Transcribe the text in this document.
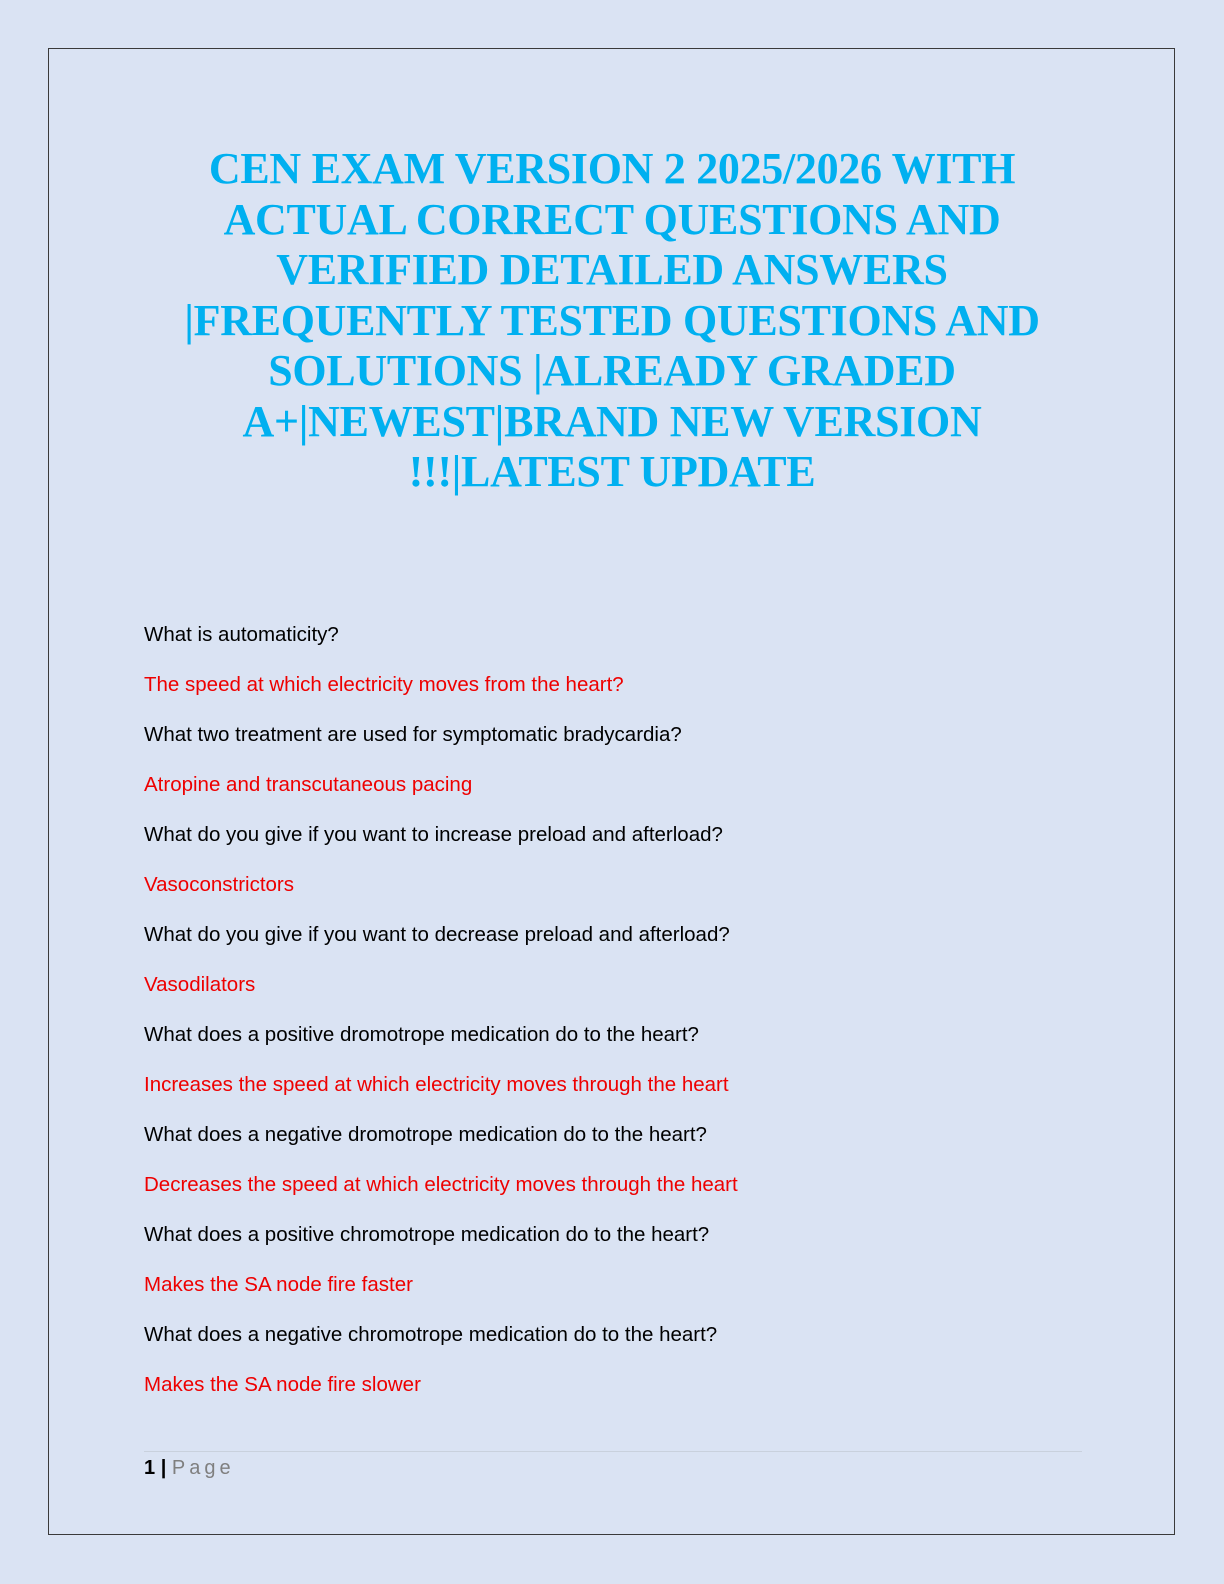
CEN EXAM VERSION 2 2025/2026 WITH
ACTUAL CORRECT QUESTIONS AND
VERIFIED DETAILED ANSWERS
|FREQUENTLY TESTED QUESTIONS AND
SOLUTIONS |ALREADY GRADED
A+|NEWEST|BRAND NEW VERSION
!!!|LATEST UPDATE
What is automaticity?
The speed at which electricity moves from the heart?
What two treatment are used for symptomatic bradycardia?
Atropine and transcutaneous pacing
What do you give if you want to increase preload and afterload?
Vasoconstrictors
What do you give if you want to decrease preload and afterload?
Vasodilators
What does a positive dromotrope medication do to the heart?
Increases the speed at which electricity moves through the heart
What does a negative dromotrope medication do to the heart?
Decreases the speed at which electricity moves through the heart
What does a positive chromotrope medication do to the heart?
Makes the SA node fire faster
What does a negative chromotrope medication do to the heart?
Makes the SA node fire slower
1 | Page
